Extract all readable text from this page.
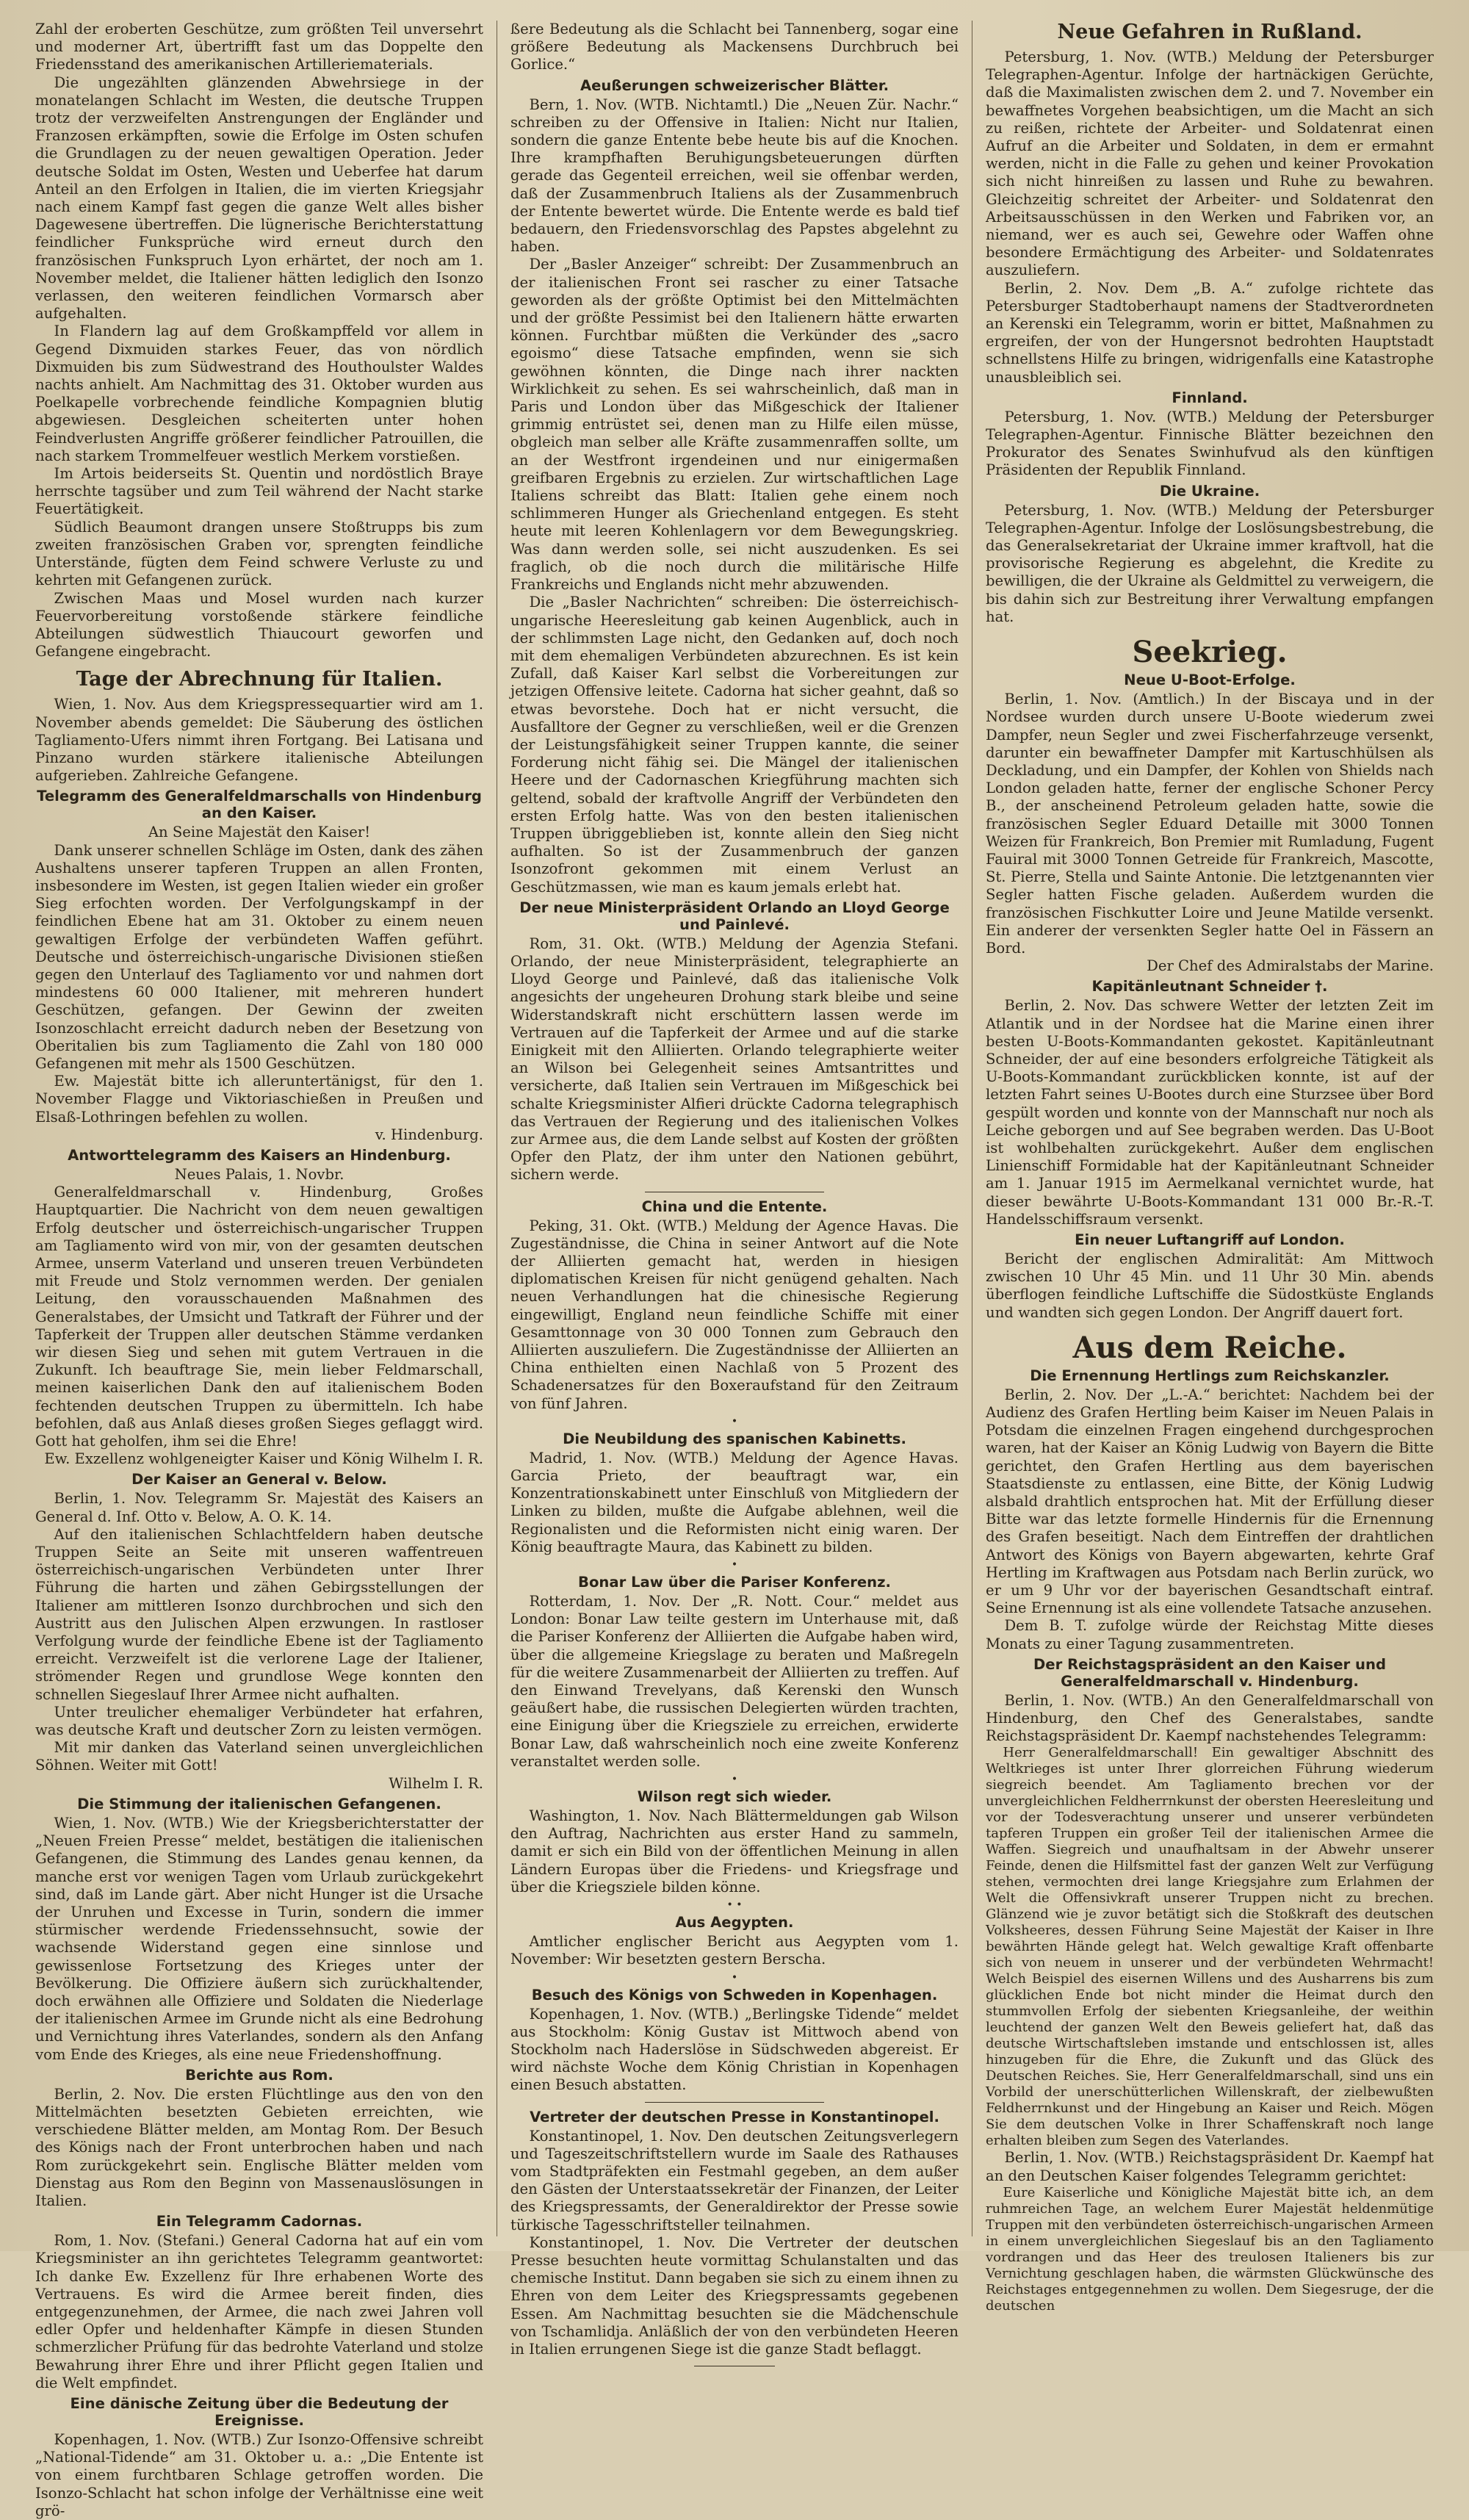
Zahl der eroberten Geschütze, zum größten Teil unversehrt und moderner Art, übertrifft fast um das Doppelte den Friedensstand des amerikanischen Artilleriematerials.

Die ungezählten glänzenden Abwehrsiege in der monatelangen Schlacht im Westen, die deutsche Truppen trotz der verzweifelten Anstrengungen der Engländer und Franzosen erkämpften, sowie die Erfolge im Osten schufen die Grundlagen zu der neuen gewaltigen Operation. Jeder deutsche Soldat im Osten, Westen und Ueberfee hat darum Anteil an den Erfolgen in Italien, die im vierten Kriegsjahr nach einem Kampf fast gegen die ganze Welt alles bisher Dagewesene übertreffen. Die lügnerische Berichterstattung feindlicher Funksprüche wird erneut durch den französischen Funkspruch Lyon erhärtet, der noch am 1. November meldet, die Italiener hätten lediglich den Isonzo verlassen, den weiteren feindlichen Vormarsch aber aufgehalten.

In Flandern lag auf dem Großkampffeld vor allem in Gegend Dixmuiden starkes Feuer, das von nördlich Dixmuiden bis zum Südwestrand des Houthoulster Waldes nachts anhielt. Am Nachmittag des 31. Oktober wurden aus Poelkapelle vorbrechende feindliche Kompagnien blutig abgewiesen. Desgleichen scheiterten unter hohen Feindverlusten Angriffe größerer feindlicher Patrouillen, die nach starkem Trommelfeuer westlich Merkem vorstießen.

Im Artois beiderseits St. Quentin und nordöstlich Braye herrschte tagsüber und zum Teil während der Nacht starke Feuertätigkeit.

Südlich Beaumont drangen unsere Stoßtrupps bis zum zweiten französischen Graben vor, sprengten feindliche Unterstände, fügten dem Feind schwere Verluste zu und kehrten mit Gefangenen zurück.

Zwischen Maas und Mosel wurden nach kurzer Feuervorbereitung vorstoßende stärkere feindliche Abteilungen südwestlich Thiaucourt geworfen und Gefangene eingebracht.

Tage der Abrechnung für Italien.

Wien, 1. Nov. Aus dem Kriegspressequartier wird am 1. November abends gemeldet: Die Säuberung des östlichen Tagliamento-Ufers nimmt ihren Fortgang. Bei Latisana und Pinzano wurden stärkere italienische Abteilungen aufgerieben. Zahlreiche Gefangene.

Telegramm des Generalfeldmarschalls von Hindenburg an den Kaiser.

An Seine Majestät den Kaiser!

Dank unserer schnellen Schläge im Osten, dank des zähen Aushaltens unserer tapferen Truppen an allen Fronten, insbesondere im Westen, ist gegen Italien wieder ein großer Sieg erfochten worden. Der Verfolgungskampf in der feindlichen Ebene hat am 31. Oktober zu einem neuen gewaltigen Erfolge der verbündeten Waffen geführt. Deutsche und österreichisch-ungarische Divisionen stießen gegen den Unterlauf des Tagliamento vor und nahmen dort mindestens 60 000 Italiener, mit mehreren hundert Geschützen, gefangen. Der Gewinn der zweiten Isonzoschlacht erreicht dadurch neben der Besetzung von Oberitalien bis zum Tagliamento die Zahl von 180 000 Gefangenen mit mehr als 1500 Geschützen.

Ew. Majestät bitte ich alleruntertänigst, für den 1. November Flagge und Viktoriaschießen in Preußen und Elsaß-Lothringen befehlen zu wollen.

v. Hindenburg.

Antworttelegramm des Kaisers an Hindenburg.

Neues Palais, 1. Novbr.

Generalfeldmarschall v. Hindenburg, Großes Hauptquartier. Die Nachricht von dem neuen gewaltigen Erfolg deutscher und österreichisch-ungarischer Truppen am Tagliamento wird von mir, von der gesamten deutschen Armee, unserm Vaterland und unseren treuen Verbündeten mit Freude und Stolz vernommen werden. Der genialen Leitung, den vorausschauenden Maßnahmen des Generalstabes, der Umsicht und Tatkraft der Führer und der Tapferkeit der Truppen aller deutschen Stämme verdanken wir diesen Sieg und sehen mit gutem Vertrauen in die Zukunft. Ich beauftrage Sie, mein lieber Feldmarschall, meinen kaiserlichen Dank den auf italienischem Boden fechtenden deutschen Truppen zu übermitteln. Ich habe befohlen, daß aus Anlaß dieses großen Sieges geflaggt wird. Gott hat geholfen, ihm sei die Ehre!

Ew. Exzellenz wohlgeneigter Kaiser und König Wilhelm I. R.

Der Kaiser an General v. Below.

Berlin, 1. Nov. Telegramm Sr. Majestät des Kaisers an General d. Inf. Otto v. Below, A. O. K. 14.

Auf den italienischen Schlachtfeldern haben deutsche Truppen Seite an Seite mit unseren waffentreuen österreichisch-ungarischen Verbündeten unter Ihrer Führung die harten und zähen Gebirgsstellungen der Italiener am mittleren Isonzo durchbrochen und sich den Austritt aus den Julischen Alpen erzwungen. In rastloser Verfolgung wurde der feindliche Ebene ist der Tagliamento erreicht. Verzweifelt ist die verlorene Lage der Italiener, strömender Regen und grundlose Wege konnten den schnellen Siegeslauf Ihrer Armee nicht aufhalten.

Unter treulicher ehemaliger Verbündeter hat erfahren, was deutsche Kraft und deutscher Zorn zu leisten vermögen.

Mit mir danken das Vaterland seinen unvergleichlichen Söhnen. Weiter mit Gott!

Wilhelm I. R.

Die Stimmung der italienischen Gefangenen.

Wien, 1. Nov. (WTB.) Wie der Kriegsberichterstatter der „Neuen Freien Presse“ meldet, bestätigen die italienischen Gefangenen, die Stimmung des Landes genau kennen, da manche erst vor wenigen Tagen vom Urlaub zurückgekehrt sind, daß im Lande gärt. Aber nicht Hunger ist die Ursache der Unruhen und Excesse in Turin, sondern die immer stürmischer werdende Friedenssehnsucht, sowie der wachsende Widerstand gegen eine sinnlose und gewissenlose Fortsetzung des Krieges unter der Bevölkerung. Die Offiziere äußern sich zurückhaltender, doch erwähnen alle Offiziere und Soldaten die Niederlage der italienischen Armee im Grunde nicht als eine Bedrohung und Vernichtung ihres Vaterlandes, sondern als den Anfang vom Ende des Krieges, als eine neue Friedenshoffnung.

Berichte aus Rom.

Berlin, 2. Nov. Die ersten Flüchtlinge aus den von den Mittelmächten besetzten Gebieten erreichten, wie verschiedene Blätter melden, am Montag Rom. Der Besuch des Königs nach der Front unterbrochen haben und nach Rom zurückgekehrt sein. Englische Blätter melden vom Dienstag aus Rom den Beginn von Massenauslösungen in Italien.

Ein Telegramm Cadornas.

Rom, 1. Nov. (Stefani.) General Cadorna hat auf ein vom Kriegsminister an ihn gerichtetes Telegramm geantwortet: Ich danke Ew. Exzellenz für Ihre erhabenen Worte des Vertrauens. Es wird die Armee bereit finden, dies entgegenzunehmen, der Armee, die nach zwei Jahren voll edler Opfer und heldenhafter Kämpfe in diesen Stunden schmerzlicher Prüfung für das bedrohte Vaterland und stolze Bewahrung ihrer Ehre und ihrer Pflicht gegen Italien und die Welt empfindet.

Eine dänische Zeitung über die Bedeutung der Ereignisse.

Kopenhagen, 1. Nov. (WTB.) Zur Isonzo-Offensive schreibt „National-Tidende“ am 31. Oktober u. a.: „Die Entente ist von einem furchtbaren Schlage getroffen worden. Die Isonzo-Schlacht hat schon infolge der Verhältnisse eine weit grö-

ßere Bedeutung als die Schlacht bei Tannenberg, sogar eine größere Bedeutung als Mackensens Durchbruch bei Gorlice.“

Aeußerungen schweizerischer Blätter.

Bern, 1. Nov. (WTB. Nichtamtl.) Die „Neuen Zür. Nachr.“ schreiben zu der Offensive in Italien: Nicht nur Italien, sondern die ganze Entente bebe heute bis auf die Knochen. Ihre krampfhaften Beruhigungsbeteuerungen dürften gerade das Gegenteil erreichen, weil sie offenbar werden, daß der Zusammenbruch Italiens als der Zusammenbruch der Entente bewertet würde. Die Entente werde es bald tief bedauern, den Friedensvorschlag des Papstes abgelehnt zu haben.

Der „Basler Anzeiger“ schreibt: Der Zusammenbruch an der italienischen Front sei rascher zu einer Tatsache geworden als der größte Optimist bei den Mittelmächten und der größte Pessimist bei den Italienern hätte erwarten können. Furchtbar müßten die Verkünder des „sacro egoismo“ diese Tatsache empfinden, wenn sie sich gewöhnen könnten, die Dinge nach ihrer nackten Wirklichkeit zu sehen. Es sei wahrscheinlich, daß man in Paris und London über das Mißgeschick der Italiener grimmig entrüstet sei, denen man zu Hilfe eilen müsse, obgleich man selber alle Kräfte zusammenraffen sollte, um an der Westfront irgendeinen und nur einigermaßen greifbaren Ergebnis zu erzielen. Zur wirtschaftlichen Lage Italiens schreibt das Blatt: Italien gehe einem noch schlimmeren Hunger als Griechenland entgegen. Es steht heute mit leeren Kohlenlagern vor dem Bewegungskrieg. Was dann werden solle, sei nicht auszudenken. Es sei fraglich, ob die noch durch die militärische Hilfe Frankreichs und Englands nicht mehr abzuwenden.

Die „Basler Nachrichten“ schreiben: Die österreichisch-ungarische Heeresleitung gab keinen Augenblick, auch in der schlimmsten Lage nicht, den Gedanken auf, doch noch mit dem ehemaligen Verbündeten abzurechnen. Es ist kein Zufall, daß Kaiser Karl selbst die Vorbereitungen zur jetzigen Offensive leitete. Cadorna hat sicher geahnt, daß so etwas bevorstehe. Doch hat er nicht versucht, die Ausfalltore der Gegner zu verschließen, weil er die Grenzen der Leistungsfähigkeit seiner Truppen kannte, die seiner Forderung nicht fähig sei. Die Mängel der italienischen Heere und der Cadornaschen Kriegführung machten sich geltend, sobald der kraftvolle Angriff der Verbündeten den ersten Erfolg hatte. Was von den besten italienischen Truppen übriggeblieben ist, konnte allein den Sieg nicht aufhalten. So ist der Zusammenbruch der ganzen Isonzofront gekommen mit einem Verlust an Geschützmassen, wie man es kaum jemals erlebt hat.

Der neue Ministerpräsident Orlando an Lloyd George und Painlevé.

Rom, 31. Okt. (WTB.) Meldung der Agenzia Stefani. Orlando, der neue Ministerpräsident, telegraphierte an Lloyd George und Painlevé, daß das italienische Volk angesichts der ungeheuren Drohung stark bleibe und seine Widerstandskraft nicht erschüttern lassen werde im Vertrauen auf die Tapferkeit der Armee und auf die starke Einigkeit mit den Alliierten. Orlando telegraphierte weiter an Wilson bei Gelegenheit seines Amtsantrittes und versicherte, daß Italien sein Vertrauen im Mißgeschick bei schalte Kriegsminister Alfieri drückte Cadorna telegraphisch das Vertrauen der Regierung und des italienischen Volkes zur Armee aus, die dem Lande selbst auf Kosten der größten Opfer den Platz, der ihm unter den Nationen gebührt, sichern werde.

China und die Entente.

Peking, 31. Okt. (WTB.) Meldung der Agence Havas. Die Zugeständnisse, die China in seiner Antwort auf die Note der Alliierten gemacht hat, werden in hiesigen diplomatischen Kreisen für nicht genügend gehalten. Nach neuen Verhandlungen hat die chinesische Regierung eingewilligt, England neun feindliche Schiffe mit einer Gesamttonnage von 30 000 Tonnen zum Gebrauch den Alliierten auszuliefern. Die Zugeständnisse der Alliierten an China enthielten einen Nachlaß von 5 Prozent des Schadenersatzes für den Boxeraufstand für den Zeitraum von fünf Jahren.

•
Die Neubildung des spanischen Kabinetts.

Madrid, 1. Nov. (WTB.) Meldung der Agence Havas. Garcia Prieto, der beauftragt war, ein Konzentrationskabinett unter Einschluß von Mitgliedern der Linken zu bilden, mußte die Aufgabe ablehnen, weil die Regionalisten und die Reformisten nicht einig waren. Der König beauftragte Maura, das Kabinett zu bilden.

•
Bonar Law über die Pariser Konferenz.

Rotterdam, 1. Nov. Der „R. Nott. Cour.“ meldet aus London: Bonar Law teilte gestern im Unterhause mit, daß die Pariser Konferenz der Alliierten die Aufgabe haben wird, über die allgemeine Kriegslage zu beraten und Maßregeln für die weitere Zusammenarbeit der Alliierten zu treffen. Auf den Einwand Trevelyans, daß Kerenski den Wunsch geäußert habe, die russischen Delegierten würden trachten, eine Einigung über die Kriegsziele zu erreichen, erwiderte Bonar Law, daß wahrscheinlich noch eine zweite Konferenz veranstaltet werden solle.

•
Wilson regt sich wieder.

Washington, 1. Nov. Nach Blättermeldungen gab Wilson den Auftrag, Nachrichten aus erster Hand zu sammeln, damit er sich ein Bild von der öffentlichen Meinung in allen Ländern Europas über die Friedens- und Kriegsfrage und über die Kriegsziele bilden könne.

• •
Aus Aegypten.

Amtlicher englischer Bericht aus Aegypten vom 1. November: Wir besetzten gestern Berscha.

•
Besuch des Königs von Schweden in Kopenhagen.

Kopenhagen, 1. Nov. (WTB.) „Berlingske Tidende“ meldet aus Stockholm: König Gustav ist Mittwoch abend von Stockholm nach Haderslöse in Südschweden abgereist. Er wird nächste Woche dem König Christian in Kopenhagen einen Besuch abstatten.

Vertreter der deutschen Presse in Konstantinopel.

Konstantinopel, 1. Nov. Den deutschen Zeitungsverlegern und Tageszeitschriftstellern wurde im Saale des Rathauses vom Stadtpräfekten ein Festmahl gegeben, an dem außer den Gästen der Unterstaatssekretär der Finanzen, der Leiter des Kriegspressamts, der Generaldirektor der Presse sowie türkische Tagesschriftsteller teilnahmen.

Konstantinopel, 1. Nov. Die Vertreter der deutschen Presse besuchten heute vormittag Schulanstalten und das chemische Institut. Dann begaben sie sich zu einem ihnen zu Ehren von dem Leiter des Kriegspressamts gegebenen Essen. Am Nachmittag besuchten sie die Mädchenschule von Tschamlidja. Anläßlich der von den verbündeten Heeren in Italien errungenen Siege ist die ganze Stadt beflaggt.

Neue Gefahren in Rußland.

Petersburg, 1. Nov. (WTB.) Meldung der Petersburger Telegraphen-Agentur. Infolge der hartnäckigen Gerüchte, daß die Maximalisten zwischen dem 2. und 7. November ein bewaffnetes Vorgehen beabsichtigen, um die Macht an sich zu reißen, richtete der Arbeiter- und Soldatenrat einen Aufruf an die Arbeiter und Soldaten, in dem er ermahnt werden, nicht in die Falle zu gehen und keiner Provokation sich nicht hinreißen zu lassen und Ruhe zu bewahren. Gleichzeitig schreitet der Arbeiter- und Soldatenrat den Arbeitsausschüssen in den Werken und Fabriken vor, an niemand, wer es auch sei, Gewehre oder Waffen ohne besondere Ermächtigung des Arbeiter- und Soldatenrates auszuliefern.

Berlin, 2. Nov. Dem „B. A.“ zufolge richtete das Petersburger Stadtoberhaupt namens der Stadtverordneten an Kerenski ein Telegramm, worin er bittet, Maßnahmen zu ergreifen, der von der Hungersnot bedrohten Hauptstadt schnellstens Hilfe zu bringen, widrigenfalls eine Katastrophe unausbleiblich sei.

Finnland.

Petersburg, 1. Nov. (WTB.) Meldung der Petersburger Telegraphen-Agentur. Finnische Blätter bezeichnen den Prokurator des Senates Swinhufvud als den künftigen Präsidenten der Republik Finnland.

Die Ukraine.

Petersburg, 1. Nov. (WTB.) Meldung der Petersburger Telegraphen-Agentur. Infolge der Loslösungsbestrebung, die das Generalsekretariat der Ukraine immer kraftvoll, hat die provisorische Regierung es abgelehnt, die Kredite zu bewilligen, die der Ukraine als Geldmittel zu verweigern, die bis dahin sich zur Bestreitung ihrer Verwaltung empfangen hat.

Seekrieg.
Neue U-Boot-Erfolge.

Berlin, 1. Nov. (Amtlich.) In der Biscaya und in der Nordsee wurden durch unsere U-Boote wiederum zwei Dampfer, neun Segler und zwei Fischerfahrzeuge versenkt, darunter ein bewaffneter Dampfer mit Kartuschhülsen als Deckladung, und ein Dampfer, der Kohlen von Shields nach London geladen hatte, ferner der englische Schoner Percy B., der anscheinend Petroleum geladen hatte, sowie die französischen Segler Eduard Detaille mit 3000 Tonnen Weizen für Frankreich, Bon Premier mit Rumladung, Fugent Fauiral mit 3000 Tonnen Getreide für Frankreich, Mascotte, St. Pierre, Stella und Sainte Antonie. Die letztgenannten vier Segler hatten Fische geladen. Außerdem wurden die französischen Fischkutter Loire und Jeune Matilde versenkt. Ein anderer der versenkten Segler hatte Oel in Fässern an Bord.

Der Chef des Admiralstabs der Marine.

Kapitänleutnant Schneider †.

Berlin, 2. Nov. Das schwere Wetter der letzten Zeit im Atlantik und in der Nordsee hat die Marine einen ihrer besten U-Boots-Kommandanten gekostet. Kapitänleutnant Schneider, der auf eine besonders erfolgreiche Tätigkeit als U-Boots-Kommandant zurückblicken konnte, ist auf der letzten Fahrt seines U-Bootes durch eine Sturzsee über Bord gespült worden und konnte von der Mannschaft nur noch als Leiche geborgen und auf See begraben werden. Das U-Boot ist wohlbehalten zurückgekehrt. Außer dem englischen Linienschiff Formidable hat der Kapitänleutnant Schneider am 1. Januar 1915 im Aermelkanal vernichtet wurde, hat dieser bewährte U-Boots-Kommandant 131 000 Br.-R.-T. Handelsschiffsraum versenkt.

Ein neuer Luftangriff auf London.

Bericht der englischen Admiralität: Am Mittwoch zwischen 10 Uhr 45 Min. und 11 Uhr 30 Min. abends überflogen feindliche Luftschiffe die Südostküste Englands und wandten sich gegen London. Der Angriff dauert fort.

Aus dem Reiche.
Die Ernennung Hertlings zum Reichskanzler.

Berlin, 2. Nov. Der „L.-A.“ berichtet: Nachdem bei der Audienz des Grafen Hertling beim Kaiser im Neuen Palais in Potsdam die einzelnen Fragen eingehend durchgesprochen waren, hat der Kaiser an König Ludwig von Bayern die Bitte gerichtet, den Grafen Hertling aus dem bayerischen Staatsdienste zu entlassen, eine Bitte, der König Ludwig alsbald drahtlich entsprochen hat. Mit der Erfüllung dieser Bitte war das letzte formelle Hindernis für die Ernennung des Grafen beseitigt. Nach dem Eintreffen der drahtlichen Antwort des Königs von Bayern abgewarten, kehrte Graf Hertling im Kraftwagen aus Potsdam nach Berlin zurück, wo er um 9 Uhr vor der bayerischen Gesandtschaft eintraf. Seine Ernennung ist als eine vollendete Tatsache anzusehen.

Dem B. T. zufolge würde der Reichstag Mitte dieses Monats zu einer Tagung zusammentreten.

Der Reichstagspräsident an den Kaiser und Generalfeldmarschall v. Hindenburg.

Berlin, 1. Nov. (WTB.) An den Generalfeldmarschall von Hindenburg, den Chef des Generalstabes, sandte Reichstagspräsident Dr. Kaempf nachstehendes Telegramm:

Herr Generalfeldmarschall! Ein gewaltiger Abschnitt des Weltkrieges ist unter Ihrer glorreichen Führung wiederum siegreich beendet. Am Tagliamento brechen vor der unvergleichlichen Feldherrnkunst der obersten Heeresleitung und vor der Todesverachtung unserer und unserer verbündeten tapferen Truppen ein großer Teil der italienischen Armee die Waffen. Siegreich und unaufhaltsam in der Abwehr unserer Feinde, denen die Hilfsmittel fast der ganzen Welt zur Verfügung stehen, vermochten drei lange Kriegsjahre zum Erlahmen der Welt die Offensivkraft unserer Truppen nicht zu brechen. Glänzend wie je zuvor betätigt sich die Stoßkraft des deutschen Volksheeres, dessen Führung Seine Majestät der Kaiser in Ihre bewährten Hände gelegt hat. Welch gewaltige Kraft offenbarte sich von neuem in unserer und der verbündeten Wehrmacht! Welch Beispiel des eisernen Willens und des Ausharrens bis zum glücklichen Ende bot nicht minder die Heimat durch den stummvollen Erfolg der siebenten Kriegsanleihe, der weithin leuchtend der ganzen Welt den Beweis geliefert hat, daß das deutsche Wirtschaftsleben imstande und entschlossen ist, alles hinzugeben für die Ehre, die Zukunft und das Glück des Deutschen Reiches. Sie, Herr Generalfeldmarschall, sind uns ein Vorbild der unerschütterlichen Willenskraft, der zielbewußten Feldherrnkunst und der Hingebung an Kaiser und Reich. Mögen Sie dem deutschen Volke in Ihrer Schaffenskraft noch lange erhalten bleiben zum Segen des Vaterlandes.

Berlin, 1. Nov. (WTB.) Reichstagspräsident Dr. Kaempf hat an den Deutschen Kaiser folgendes Telegramm gerichtet:

Eure Kaiserliche und Königliche Majestät bitte ich, an dem ruhmreichen Tage, an welchem Eurer Majestät heldenmütige Truppen mit den verbündeten österreichisch-ungarischen Armeen in einem unvergleichlichen Siegeslauf bis an den Tagliamento vordrangen und das Heer des treulosen Italieners bis zur Vernichtung geschlagen haben, die wärmsten Glückwünsche des Reichstages entgegennehmen zu wollen. Dem Siegesruge, der die deutschen
